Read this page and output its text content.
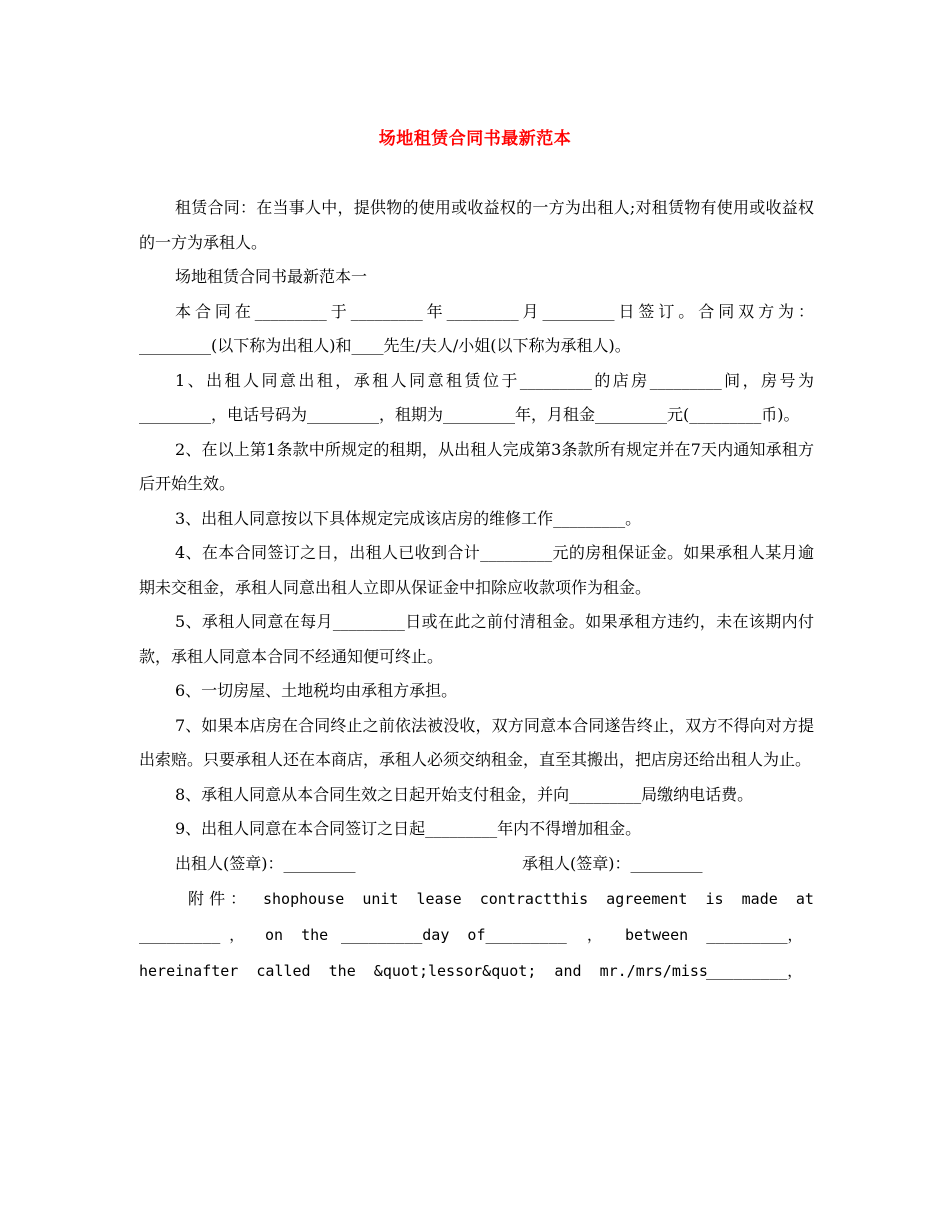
场地租赁合同书最新范本

租赁合同：在当事人中，提供物的使用或收益权的一方为出租人;对租赁物有使用或收益权的一方为承租人。

场地租赁合同书最新范本一

本合同在_________于_________年_________月_________日签订。合同双方为：_________(以下称为出租人)和____先生/夫人/小姐(以下称为承租人)。

1、出租人同意出租，承租人同意租赁位于_________的店房_________间，房号为_________，电话号码为_________，租期为_________年，月租金_________元(_________币)。

2、在以上第1条款中所规定的租期，从出租人完成第3条款所有规定并在7天内通知承租方后开始生效。

3、出租人同意按以下具体规定完成该店房的维修工作_________。

4、在本合同签订之日，出租人已收到合计_________元的房租保证金。如果承租人某月逾期未交租金，承租人同意出租人立即从保证金中扣除应收款项作为租金。

5、承租人同意在每月_________日或在此之前付清租金。如果承租方违约，未在该期内付款，承租人同意本合同不经通知便可终止。

6、一切房屋、土地税均由承租方承担。

7、如果本店房在合同终止之前依法被没收，双方同意本合同遂告终止，双方不得向对方提出索赔。只要承租人还在本商店，承租人必须交纳租金，直至其搬出，把店房还给出租人为止。

8、承租人同意从本合同生效之日起开始支付租金，并向_________局缴纳电话费。

9、出租人同意在本合同签订之日起_________年内不得增加租金。

出租人(签章)：_________	承租人(签章)：_________

附 件 ：

shophouse  unit  lease  contractthis  agreement  is  made  at

_________ ，

on  the

_________day  of_________

，

between  _________，

hereinafter  called  the  &quot;lessor&quot;  and  mr./mrs/miss

_________，
